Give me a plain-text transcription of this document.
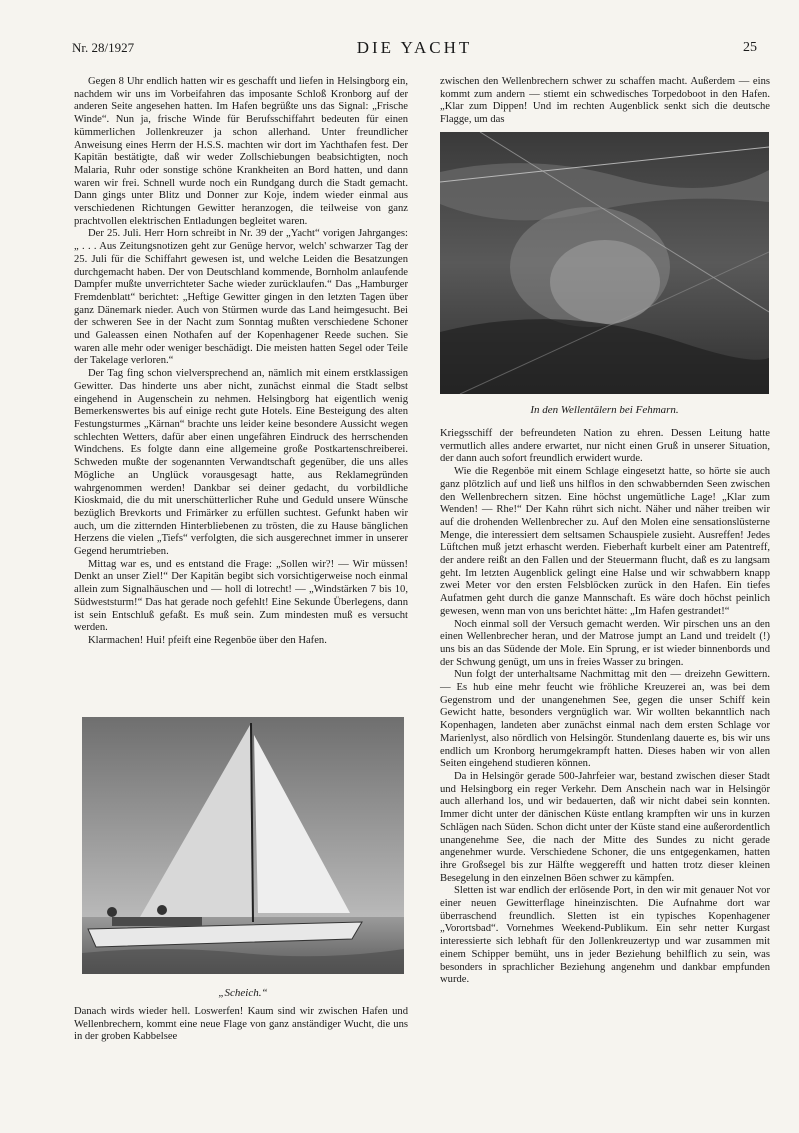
Nr. 28/1927	DIE YACHT	25

Gegen 8 Uhr endlich hatten wir es geschafft und liefen in Helsingborg ein, nachdem wir uns im Vorbeifahren das imposante Schloß Kronborg auf der anderen Seite angesehen hatten. Im Hafen begrüßte uns das Signal: „Frische Winde“. Nun ja, frische Winde für Berufsschiffahrt bedeuten für einen kümmerlichen Jollenkreuzer ja schon allerhand. Unter freundlicher Anweisung eines Herrn der H.S.S. machten wir dort im Yachthafen fest. Der Kapitän bestätigte, daß wir weder Zollschiebungen beabsichtigten, noch Malaria, Ruhr oder sonstige schöne Krankheiten an Bord hatten, und dann waren wir frei. Schnell wurde noch ein Rundgang durch die Stadt gemacht. Dann gings unter Blitz und Donner zur Koje, indem wieder einmal aus verschiedenen Richtungen Gewitter heranzogen, die teilweise von ganz prachtvollen elektrischen Entladungen begleitet waren.

Der 25. Juli. Herr Horn schreibt in Nr. 39 der „Yacht“ vorigen Jahrganges: „ . . . Aus Zeitungsnotizen geht zur Genüge hervor, welch' schwarzer Tag der 25. Juli für die Schiffahrt gewesen ist, und welche Leiden die Besatzungen durchgemacht haben. Der von Deutschland kommende, Bornholm anlaufende Dampfer mußte unverrichteter Sache wieder zurücklaufen.“ Das „Hamburger Fremdenblatt“ berichtet: „Heftige Gewitter gingen in den letzten Tagen über ganz Dänemark nieder. Auch von Stürmen wurde das Land heimgesucht. Bei der schweren See in der Nacht zum Sonntag mußten verschiedene Schoner und Galeassen einen Nothafen auf der Kopenhagener Reede suchen. Sie waren alle mehr oder weniger beschädigt. Die meisten hatten Segel oder Teile der Takelage verloren.“

Der Tag fing schon vielversprechend an, nämlich mit einem erstklassigen Gewitter. Das hinderte uns aber nicht, zunächst einmal die Stadt selbst eingehend in Augenschein zu nehmen. Helsingborg hat eigentlich wenig Bemerkenswertes bis auf einige recht gute Hotels. Eine Besteigung des alten Festungsturmes „Kärnan“ brachte uns leider keine besondere Aussicht wegen schlechten Wetters, dafür aber einen ungefähren Eindruck des herrschenden Windchens. Es folgte dann eine allgemeine große Postkartenschreiberei. Schweden mußte der sogenannten Verwandtschaft gegenüber, die uns alles Mögliche an Unglück vorausgesagt hatte, aus Reklamegründen wahrgenommen werden! Dankbar sei deiner gedacht, du vorbildliche Kioskmaid, die du mit unerschütterlicher Ruhe und Geduld unsere Wünsche bezüglich Brevkorts und Frimärker zu erfüllen suchtest. Gefunkt haben wir auch, um die zitternden Hinterbliebenen zu trösten, die zu Hause bänglichen Herzens die vielen „Tiefs“ verfolgten, die sich ausgerechnet immer in unserer Gegend herumtrieben.

Mittag war es, und es entstand die Frage: „Sollen wir?! — Wir müssen! Denkt an unser Ziel!“ Der Kapitän begibt sich vorsichtigerweise noch einmal allein zum Signalhäuschen und — holl di lotrecht! — „Windstärken 7 bis 10, Südweststurm!“ Das hat gerade noch gefehlt! Eine Sekunde Überlegens, dann ist sein Entschluß gefaßt. Es muß sein. Zum mindesten muß es versucht werden.

Klarmachen! Hui! pfeift eine Regenböe über den Hafen.

„Scheich.“

Danach wirds wieder hell. Loswerfen! Kaum sind wir zwischen Hafen und Wellenbrechern, kommt eine neue Flage von ganz anständiger Wucht, die uns in der groben Kabbelsee

zwischen den Wellenbrechern schwer zu schaffen macht. Außerdem — eins kommt zum andern — stiemt ein schwedisches Torpedoboot in den Hafen. „Klar zum Dippen! Und im rechten Augenblick senkt sich die deutsche Flagge, um das

In den Wellentälern bei Fehmarn.

Kriegsschiff der befreundeten Nation zu ehren. Dessen Leitung hatte vermutlich alles andere erwartet, nur nicht einen Gruß in unserer Situation, der dann auch sofort freundlich erwidert wurde.

Wie die Regenböe mit einem Schlage eingesetzt hatte, so hörte sie auch ganz plötzlich auf und ließ uns hilflos in den schwabbernden Seen zwischen den Wellenbrechern sitzen. Eine höchst ungemütliche Lage! „Klar zum Wenden! — Rhe!“ Der Kahn rührt sich nicht. Näher und näher treiben wir auf die drohenden Wellenbrecher zu. Auf den Molen eine sensationslüsterne Menge, die interessiert dem seltsamen Schauspiele zusieht. Ausreffen! Jedes Lüftchen muß jetzt erhascht werden. Fieberhaft kurbelt einer am Patentreff, der andere reißt an den Fallen und der Steuermann flucht, daß es zu langsam geht. Im letzten Augenblick gelingt eine Halse und wir schwabbern knapp zwei Meter vor den ersten Felsblöcken zurück in den Hafen. Ein tiefes Aufatmen geht durch die ganze Mannschaft. Es wäre doch höchst peinlich gewesen, wenn man von uns berichtet hätte: „Im Hafen gestrandet!“

Noch einmal soll der Versuch gemacht werden. Wir pirschen uns an den einen Wellenbrecher heran, und der Matrose jumpt an Land und treidelt (!) uns bis an das Südende der Mole. Ein Sprung, er ist wieder binnenbords und der Schwung genügt, um uns in freies Wasser zu bringen.

Nun folgt der unterhaltsame Nachmittag mit den — dreizehn Gewittern. — Es hub eine mehr feucht wie fröhliche Kreuzerei an, was bei dem Gegenstrom und der unangenehmen See, gegen die unser Schiff kein Gewicht hatte, besonders vergnüglich war. Wir wollten bekanntlich nach Kopenhagen, landeten aber zunächst einmal nach dem ersten Schlage vor Marienlyst, also nördlich von Helsingör. Stundenlang dauerte es, bis wir uns endlich um Kronborg herumgekrampft hatten. Dieses haben wir von allen Seiten eingehend studieren können.

Da in Helsingör gerade 500-Jahrfeier war, bestand zwischen dieser Stadt und Helsingborg ein reger Verkehr. Dem Anschein nach war in Helsingör auch allerhand los, und wir bedauerten, daß wir nicht dabei sein konnten. Immer dicht unter der dänischen Küste entlang krampften wir uns in kurzen Schlägen nach Süden. Schon dicht unter der Küste stand eine außerordentlich unangenehme See, die nach der Mitte des Sundes zu nicht gerade angenehmer wurde. Verschiedene Schoner, die uns entgegenkamen, hatten ihre Großsegel bis zur Hälfte weggerefft und hatten trotz dieser kleinen Besegelung in den einzelnen Böen schwer zu kämpfen.

Sletten ist war endlich der erlösende Port, in den wir mit genauer Not vor einer neuen Gewitterflage hineinzischten. Die Aufnahme dort war überraschend freundlich. Sletten ist ein typisches Kopenhagener „Vorortsbad“. Vornehmes Weekend-Publikum. Ein sehr netter Kurgast interessierte sich lebhaft für den Jollenkreuzertyp und war zusammen mit einem Schipper bemüht, uns in jeder Beziehung behilflich zu sein, was besonders in sprachlicher Beziehung angenehm und dankbar empfunden wurde.
